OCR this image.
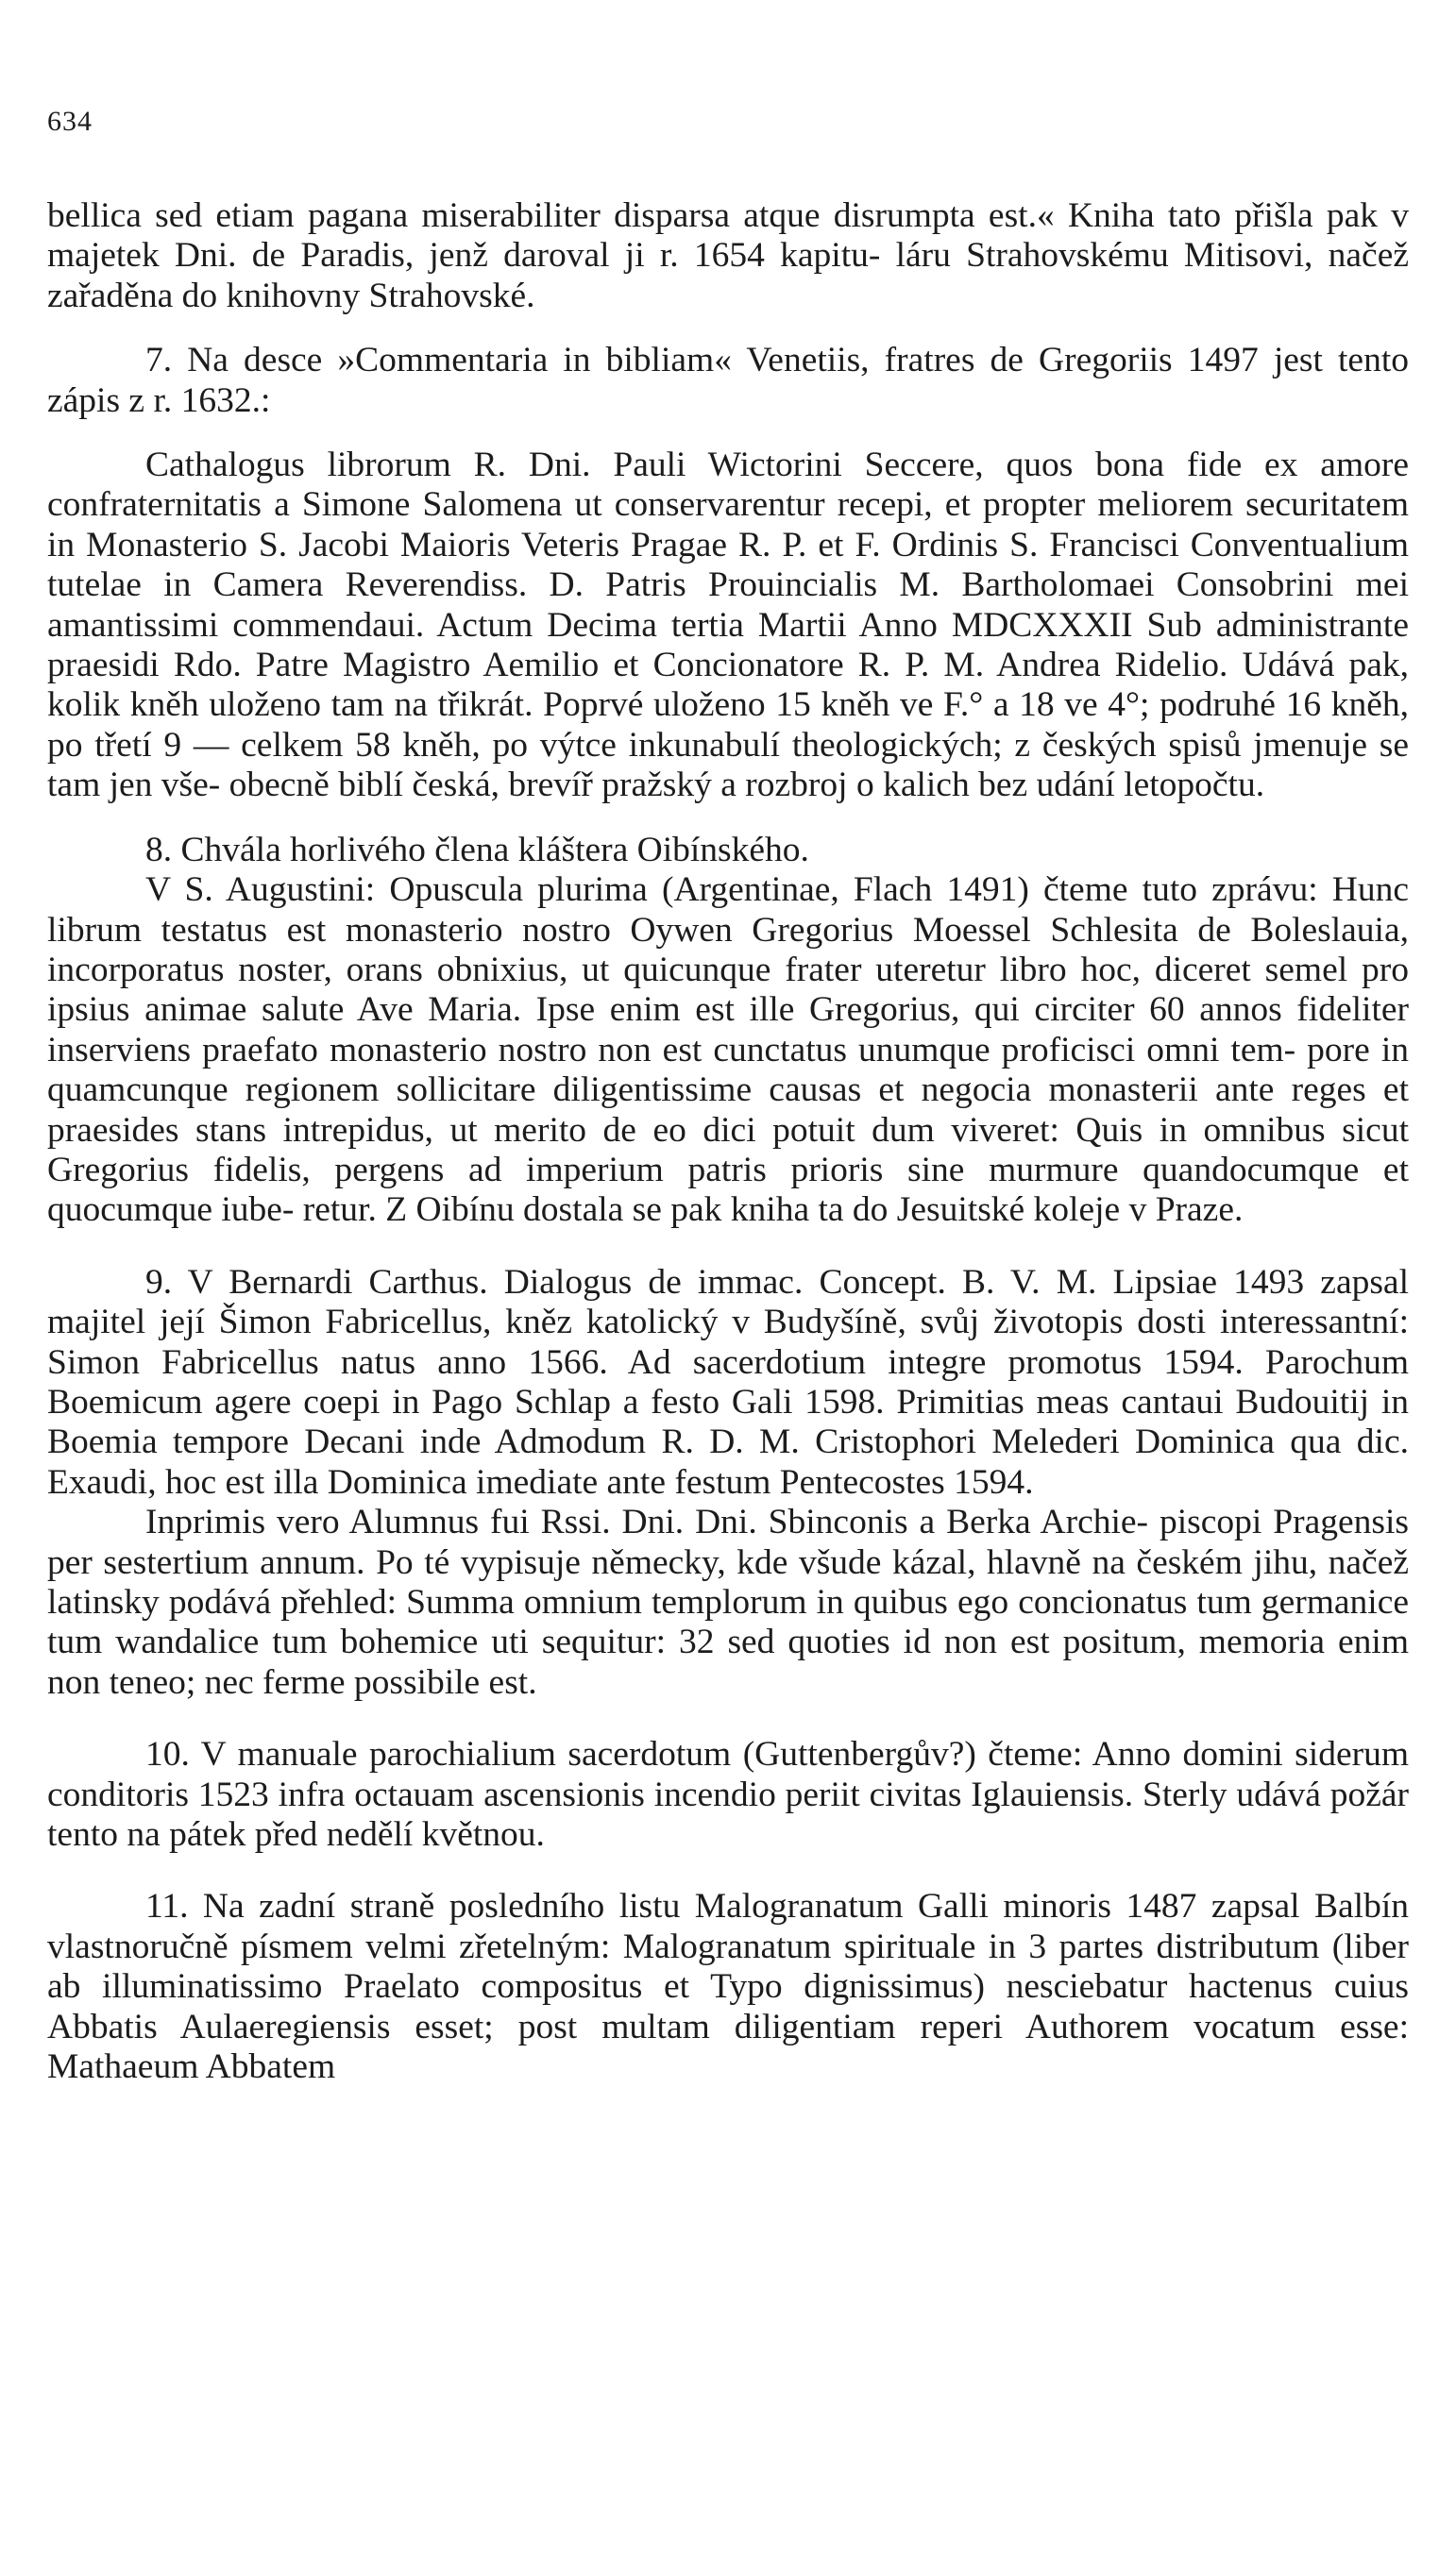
634

bellica sed etiam pagana miserabiliter disparsa atque disrumpta est.« Kniha tato přišla pak v majetek Dni. de Paradis, jenž daroval ji r. 1654 kapitu- láru Strahovskému Mitisovi, načež zařaděna do knihovny Strahovské.

7. Na desce »Commentaria in bibliam« Venetiis, fratres de Gregoriis 1497 jest tento zápis z r. 1632.:

Cathalogus librorum R. Dni. Pauli Wictorini Seccere, quos bona fide ex amore confraternitatis a Simone Salomena ut conservarentur recepi, et propter meliorem securitatem in Monasterio S. Jacobi Maioris Veteris Pragae R. P. et F. Ordinis S. Francisci Conventualium tutelae in Camera Reverendiss. D. Patris Prouincialis M. Bartholomaei Consobrini mei amantissimi commendaui. Actum Decima tertia Martii Anno MDCXXXII Sub administrante praesidi Rdo. Patre Magistro Aemilio et Concionatore R. P. M. Andrea Ridelio. Udává pak, kolik kněh uloženo tam na třikrát. Poprvé uloženo 15 kněh ve F.° a 18 ve 4°; podruhé 16 kněh, po třetí 9 — celkem 58 kněh, po výtce inkunabulí theologických; z českých spisů jmenuje se tam jen vše- obecně biblí česká, brevíř pražský a rozbroj o kalich bez udání letopočtu.

8. Chvála horlivého člena kláštera Oibínského.

V S. Augustini: Opuscula plurima (Argentinae, Flach 1491) čteme tuto zprávu: Hunc librum testatus est monasterio nostro Oywen Gregorius Moessel Schlesita de Boleslauia, incorporatus noster, orans obnixius, ut quicunque frater uteretur libro hoc, diceret semel pro ipsius animae salute Ave Maria. Ipse enim est ille Gregorius, qui circiter 60 annos fideliter inserviens praefato monasterio nostro non est cunctatus unumque proficisci omni tem- pore in quamcunque regionem sollicitare diligentissime causas et negocia monasterii ante reges et praesides stans intrepidus, ut merito de eo dici potuit dum viveret: Quis in omnibus sicut Gregorius fidelis, pergens ad imperium patris prioris sine murmure quandocumque et quocumque iube- retur. Z Oibínu dostala se pak kniha ta do Jesuitské koleje v Praze.

9. V Bernardi Carthus. Dialogus de immac. Concept. B. V. M. Lipsiae 1493 zapsal majitel její Šimon Fabricellus, kněz katolický v Budyšíně, svůj životopis dosti interessantní: Simon Fabricellus natus anno 1566. Ad sacerdotium integre promotus 1594. Parochum Boemicum agere coepi in Pago Schlap a festo Gali 1598. Primitias meas cantaui Budouitij in Boemia tempore Decani inde Admodum R. D. M. Cristophori Melederi Dominica qua dic. Exaudi, hoc est illa Dominica imediate ante festum Pentecostes 1594.

Inprimis vero Alumnus fui Rssi. Dni. Dni. Sbinconis a Berka Archie- piscopi Pragensis per sestertium annum. Po té vypisuje německy, kde všude kázal, hlavně na českém jihu, načež latinsky podává přehled: Summa omnium templorum in quibus ego concionatus tum germanice tum wandalice tum bohemice uti sequitur: 32 sed quoties id non est positum, memoria enim non teneo; nec ferme possibile est.

10. V manuale parochialium sacerdotum (Guttenbergův?) čteme: Anno domini siderum conditoris 1523 infra octauam ascensionis incendio periit civitas Iglauiensis. Sterly udává požár tento na pátek před nedělí květnou.

11. Na zadní straně posledního listu Malogranatum Galli minoris 1487 zapsal Balbín vlastnoručně písmem velmi zřetelným: Malogranatum spirituale in 3 partes distributum (liber ab illuminatissimo Praelato compositus et Typo dignissimus) nesciebatur hactenus cuius Abbatis Aulaeregiensis esset; post multam diligentiam reperi Authorem vocatum esse: Mathaeum Abbatem
